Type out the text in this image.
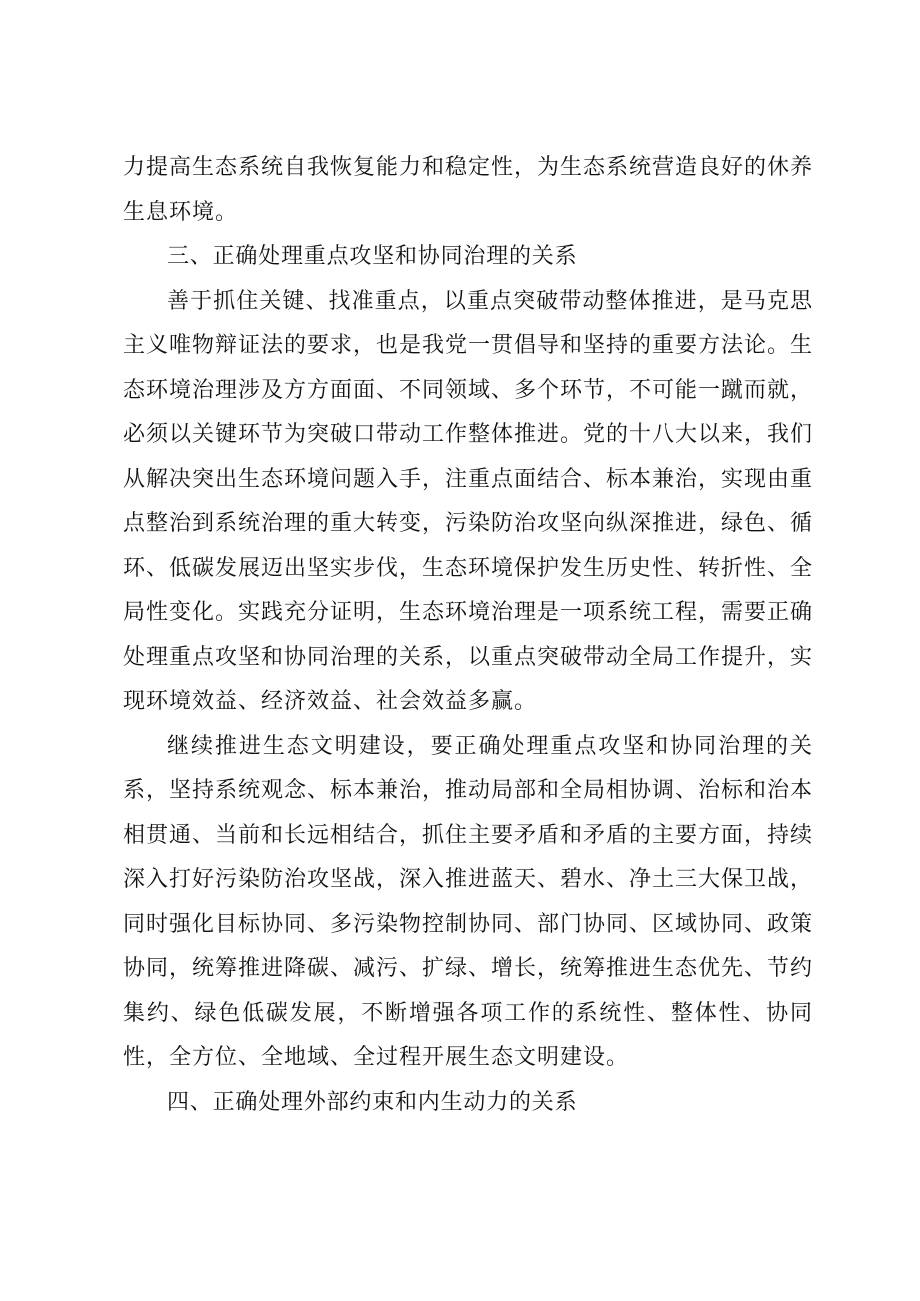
力提高生态系统自我恢复能力和稳定性，为生态系统营造良好的休养生息环境。

三、正确处理重点攻坚和协同治理的关系

善于抓住关键、找准重点，以重点突破带动整体推进，是马克思主义唯物辩证法的要求，也是我党一贯倡导和坚持的重要方法论。生态环境治理涉及方方面面、不同领域、多个环节，不可能一蹴而就，必须以关键环节为突破口带动工作整体推进。党的十八大以来，我们从解决突出生态环境问题入手，注重点面结合、标本兼治，实现由重点整治到系统治理的重大转变，污染防治攻坚向纵深推进，绿色、循环、低碳发展迈出坚实步伐，生态环境保护发生历史性、转折性、全局性变化。实践充分证明，生态环境治理是一项系统工程，需要正确处理重点攻坚和协同治理的关系，以重点突破带动全局工作提升，实现环境效益、经济效益、社会效益多赢。

继续推进生态文明建设，要正确处理重点攻坚和协同治理的关系，坚持系统观念、标本兼治，推动局部和全局相协调、治标和治本相贯通、当前和长远相结合，抓住主要矛盾和矛盾的主要方面，持续深入打好污染防治攻坚战，深入推进蓝天、碧水、净土三大保卫战，同时强化目标协同、多污染物控制协同、部门协同、区域协同、政策协同，统筹推进降碳、减污、扩绿、增长，统筹推进生态优先、节约集约、绿色低碳发展，不断增强各项工作的系统性、整体性、协同性，全方位、全地域、全过程开展生态文明建设。

四、正确处理外部约束和内生动力的关系
